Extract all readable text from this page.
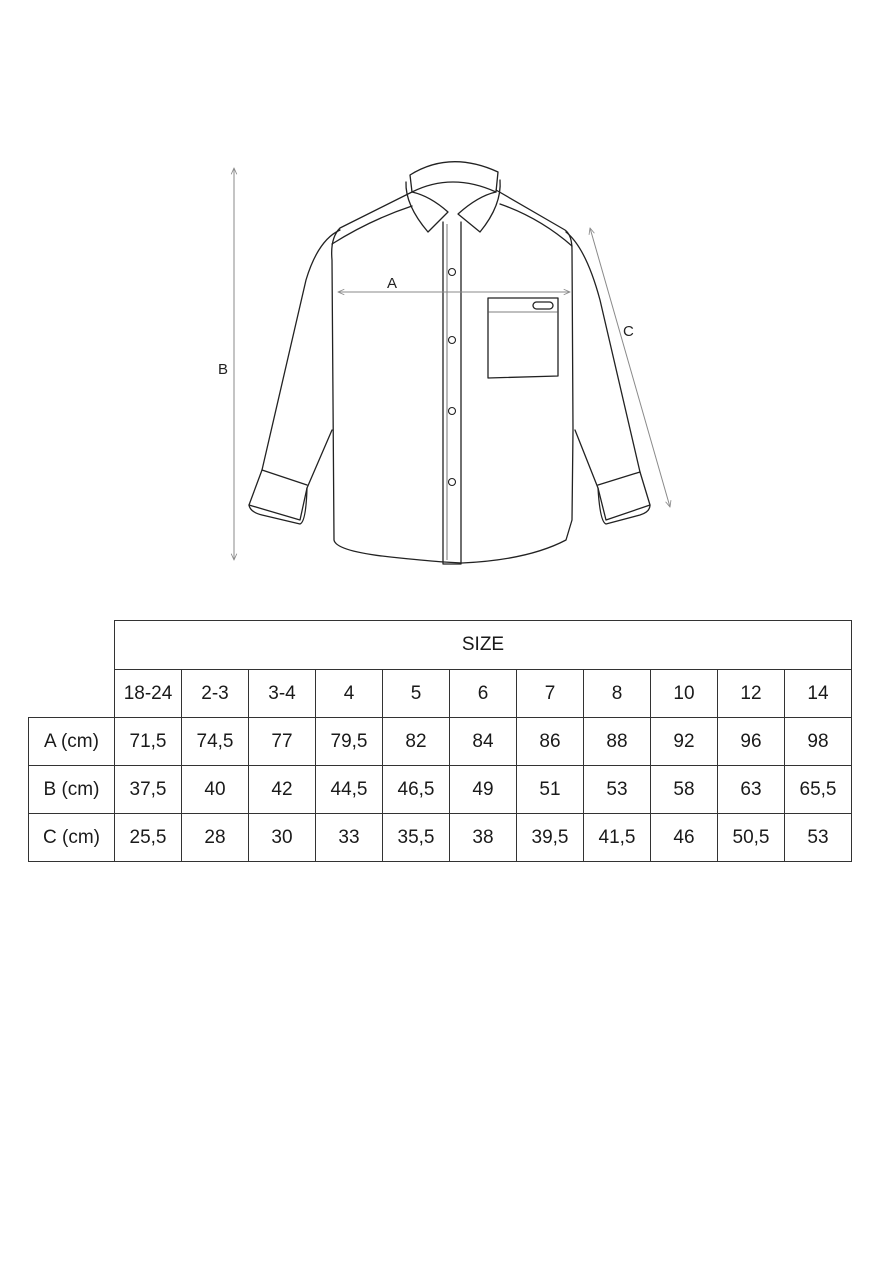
A
B
C
	SIZE										
	18-24	2-3	3-4	4	5	6	7	8	10	12	14
A (cm)	71,5	74,5	77	79,5	82	84	86	88	92	96	98
B (cm)	37,5	40	42	44,5	46,5	49	51	53	58	63	65,5
C (cm)	25,5	28	30	33	35,5	38	39,5	41,5	46	50,5	53
